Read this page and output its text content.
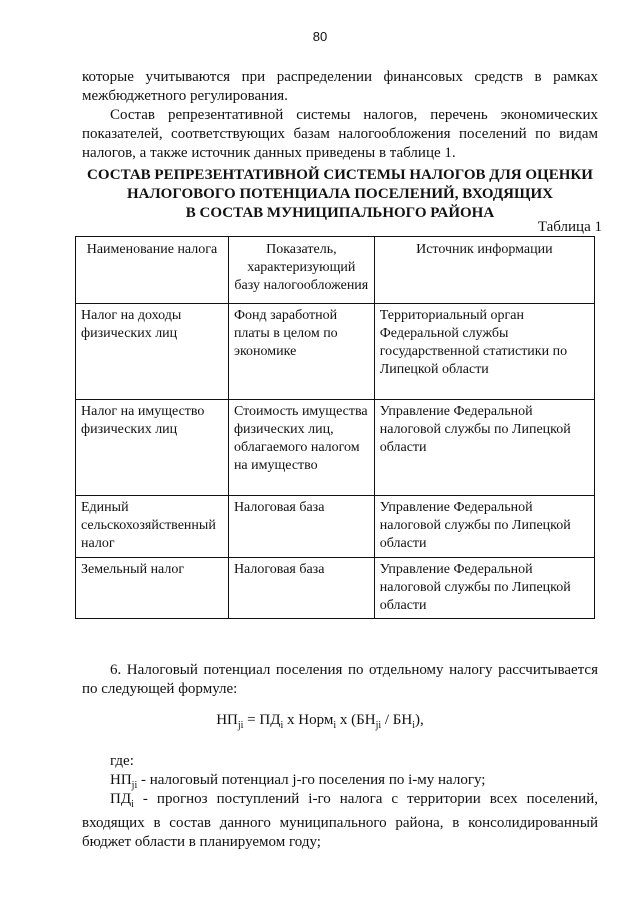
80
которые учитываются при распределении финансовых средств в рамках межбюджетного регулирования.
Состав репрезентативной системы налогов, перечень экономических показателей, соответствующих базам налогообложения поселений по видам налогов, а также источник данных приведены в таблице 1.
СОСТАВ РЕПРЕЗЕНТАТИВНОЙ СИСТЕМЫ НАЛОГОВ ДЛЯ ОЦЕНКИ
НАЛОГОВОГО ПОТЕНЦИАЛА ПОСЕЛЕНИЙ, ВХОДЯЩИХ
В СОСТАВ МУНИЦИПАЛЬНОГО РАЙОНА
Таблица 1
Наименование налога	Показатель, характеризующий базу налогообложения	Источник информации
Налог на доходы физических лиц	Фонд заработной платы в целом по экономике	Территориальный орган Федеральной службы государственной статистики по Липецкой области
Налог на имущество физических лиц	Стоимость имущества физических лиц, облагаемого налогом на имущество	Управление Федеральной налоговой службы по Липецкой области
Единый сельскохозяйственный налог	Налоговая база	Управление Федеральной налоговой службы по Липецкой области
Земельный налог	Налоговая база	Управление Федеральной налоговой службы по Липецкой области
6. Налоговый потенциал поселения по отдельному налогу рассчитывается по следующей формуле:
$НП_{ji} = ПД_i$ x Норм$_i$ x $(БН_{ji} / БН_i)$,
где:
$НП_{ji}$ - налоговый потенциал j-го поселения по i-му налогу;
$ПД_i$ - прогноз поступлений i-го налога с территории всех поселений, входящих в состав данного муниципального района, в консолидированный бюджет области в планируемом году;
